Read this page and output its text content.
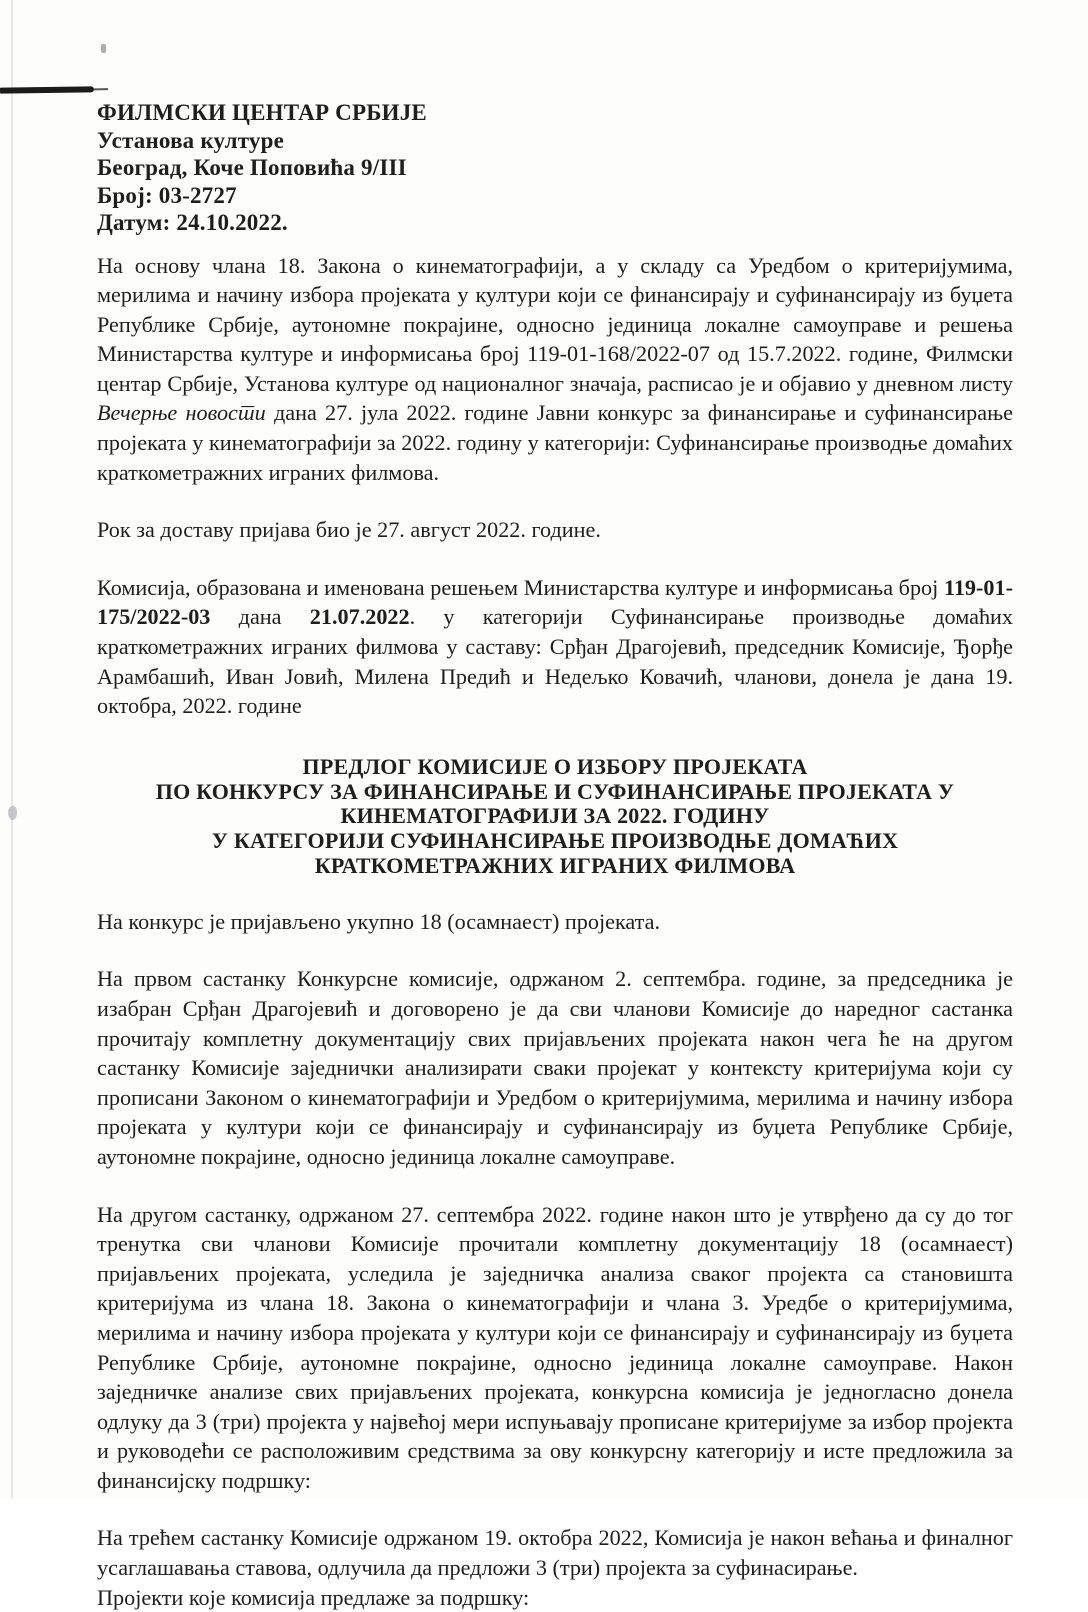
ФИЛМСКИ ЦЕНТАР СРБИЈЕ
Установа културе
Београд, Коче Поповића 9/III
Број: 03-2727
Датум: 24.10.2022.
На основу члана 18. Закона о кинематографији, а у складу са Уредбом о критеријумима, мерилима и начину избора пројеката у култури који се финансирају и суфинансирају из буџета Републике Србије, аутономне покрајине, односно јединица локалне самоуправе и решења Министарства културе и информисања број 119-01-168/2022-07 од 15.7.2022. године, Филмски центар Србије, Установа културе од националног значаја, расписао је и објавио у дневном листу Вечерње новости дана 27. јула 2022. године Јавни конкурс за финансирање и суфинансирање пројеката у кинематографији за 2022. годину у категорији: Суфинансирање производње домаћих краткометражних играних филмова.
Рок за доставу пријава био је 27. август 2022. године.
Комисија, образована и именована решењем Министарства културе и информисања број 119-01-175/2022-03 дана 21.07.2022. у категорији Суфинансирање производње домаћих краткометражних играних филмова у саставу: Срђан Драгојевић, председник Комисије, Ђорђе Арамбашић, Иван Јовић, Милена Предић и Недељко Ковачић, чланови, донела је дана 19. октобра, 2022. године
ПРЕДЛОГ КОМИСИЈЕ О ИЗБОРУ ПРОЈЕКАТА
ПО КОНКУРСУ ЗА ФИНАНСИРАЊЕ И СУФИНАНСИРАЊЕ ПРОЈЕКАТА У
КИНЕМАТОГРАФИЈИ ЗА 2022. ГОДИНУ
У КАТЕГОРИЈИ СУФИНАНСИРАЊЕ ПРОИЗВОДЊЕ ДОМАЋИХ
КРАТКОМЕТРАЖНИХ ИГРАНИХ ФИЛМОВА
На конкурс је пријављено укупно 18 (осамнаест) пројеката.
На првом састанку Конкурсне комисије, одржаном 2. септембра. године, за председника је изабран Срђан Драгојевић и договорено је да сви чланови Комисије до наредног састанка прочитају комплетну документацију свих пријављених пројеката након чега ће на другом састанку Комисије заједнички анализирати сваки пројекат у контексту критеријума који су прописани Законом о кинематографији и Уредбом о критеријумима, мерилима и начину избора пројеката у култури који се финансирају и суфинансирају из буџета Републике Србије, аутономне покрајине, односно јединица локалне самоуправе.
На другом састанку, одржаном 27. септембра 2022. године након што је утврђено да су до тог тренутка сви чланови Комисије прочитали комплетну документацију 18 (осамнаест) пријављених пројеката, уследила је заједничка анализа сваког пројекта са становишта критеријума из члана 18. Закона о кинематографији и члана 3. Уредбе о критеријумима, мерилима и начину избора пројеката у култури који се финансирају и суфинансирају из буџета Републике Србије, аутономне покрајине, односно јединица локалне самоуправе. Након заједничке анализе свих пријављених пројеката, конкурсна комисија је једногласно донела одлуку да 3 (три) пројекта у највећој мери испуњавају прописане критеријуме за избор пројекта и руководећи се расположивим средствима за ову конкурсну категорију и исте предложила за финансијску подршку:
На трећем састанку Комисије одржаном 19. октобра 2022, Комисија је након већања и финалног усаглашавања ставова, одлучила да предложи 3 (три) пројекта за суфинасирање.
Пројекти које комисија предлаже за подршку:
